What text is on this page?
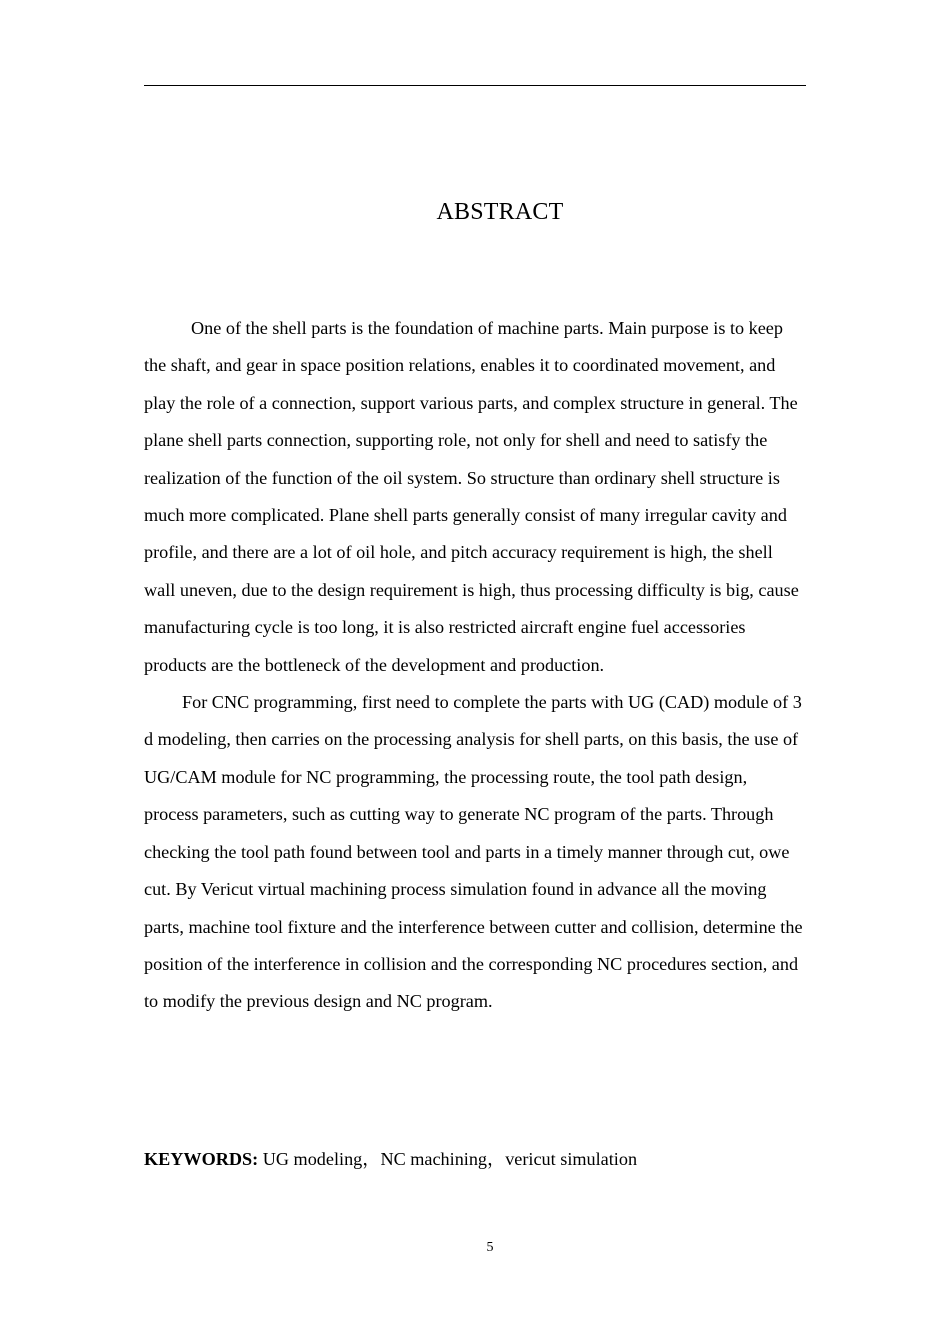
ABSTRACT

One of the shell parts is the foundation of machine parts. Main purpose is to keep the shaft, and gear in space position relations, enables it to coordinated movement, and play the role of a connection, support various parts, and complex structure in general. The plane shell parts connection, supporting role, not only for shell and need to satisfy the realization of the function of the oil system. So structure than ordinary shell structure is much more complicated. Plane shell parts generally consist of many irregular cavity and profile, and there are a lot of oil hole, and pitch accuracy requirement is high, the shell wall uneven, due to the design requirement is high, thus processing difficulty is big, cause manufacturing cycle is too long, it is also restricted aircraft engine fuel accessories products are the bottleneck of the development and production.

For CNC programming, first need to complete the parts with UG (CAD) module of 3 d modeling, then carries on the processing analysis for shell parts, on this basis, the use of UG/CAM module for NC programming, the processing route, the tool path design, process parameters, such as cutting way to generate NC program of the parts. Through checking the tool path found between tool and parts in a timely manner through cut, owe cut. By Vericut virtual machining process simulation found in advance all the moving parts, machine tool fixture and the interference between cutter and collision, determine the position of the interference in collision and the corresponding NC procedures section, and to modify the previous design and NC program.

KEYWORDS: UG modeling，NC machining，vericut simulation
5
